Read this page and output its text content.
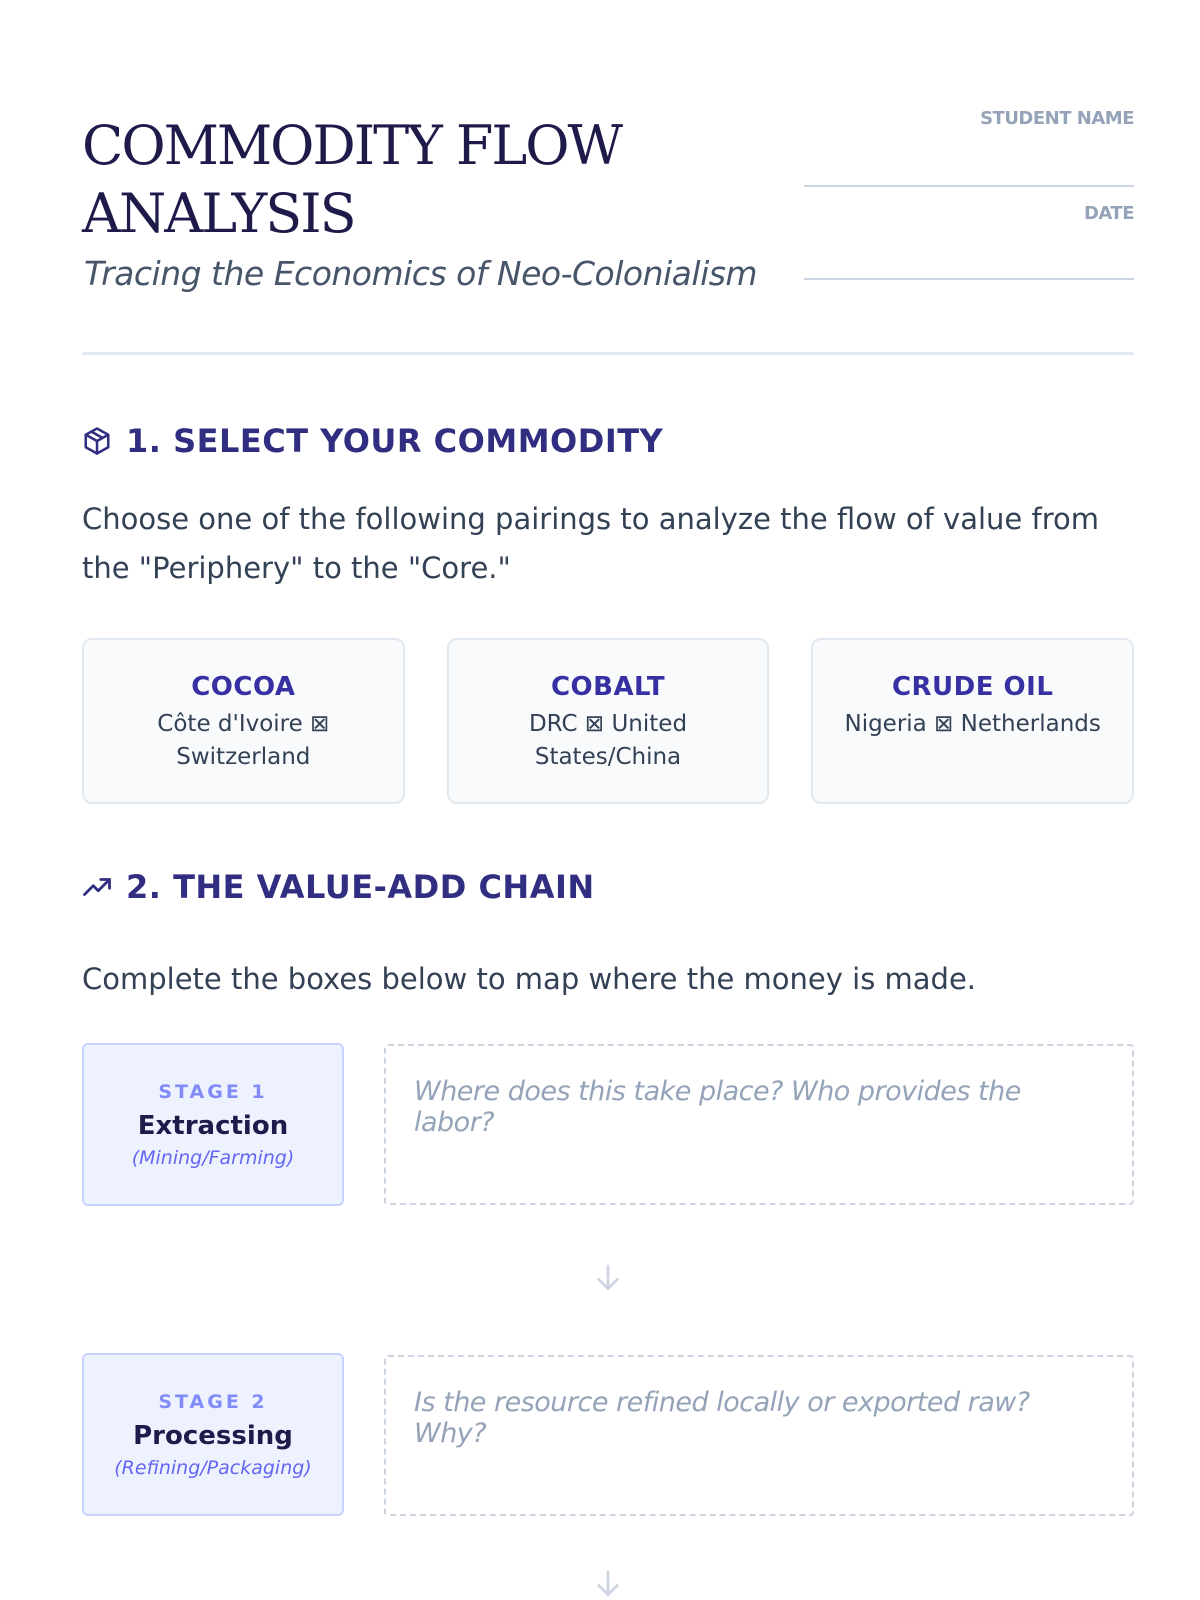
COMMODITY FLOW ANALYSIS
Tracing the Economics of Neo-Colonialism
STUDENT NAME
DATE
1. SELECT YOUR COMMODITY

Choose one of the following pairings to analyze the flow of value from the "Periphery" to the "Core."

COCOA
Côte d'Ivoire ⊠ Switzerland
COBALT
DRC ⊠ United States/China
CRUDE OIL
Nigeria ⊠ Netherlands
2. THE VALUE-ADD CHAIN

Complete the boxes below to map where the money is made.

STAGE 1
Extraction
(Mining/Farming)
Where does this take place? Who provides the labor?
STAGE 2
Processing
(Refining/Packaging)
Is the resource refined locally or exported raw? Why?
